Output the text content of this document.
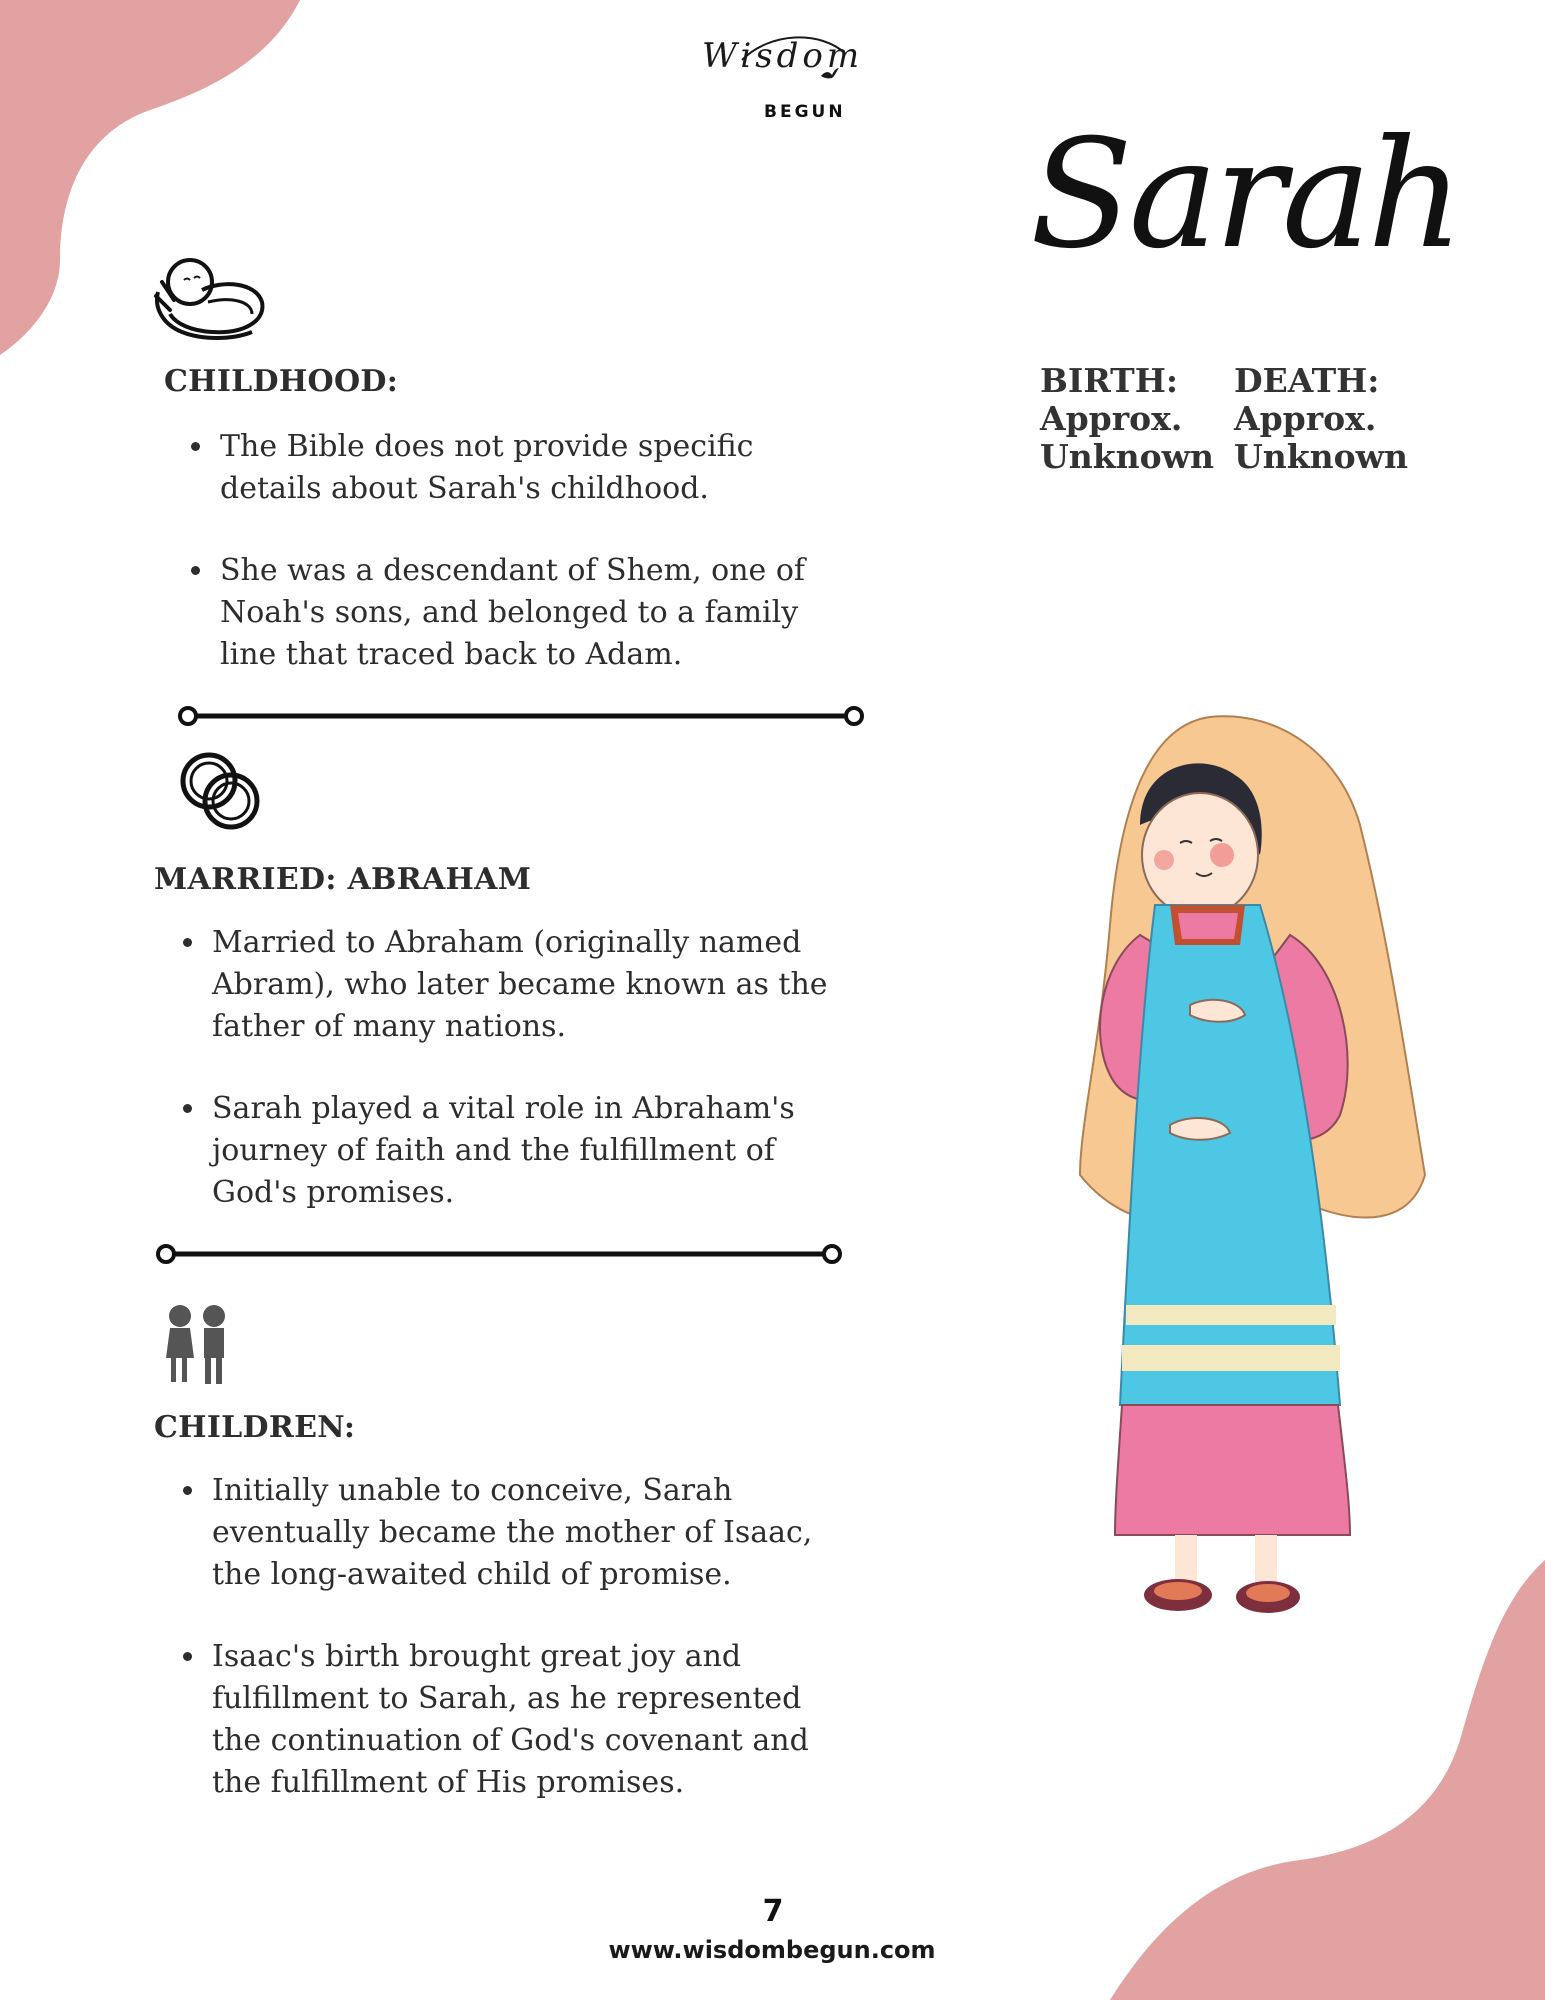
Wisdom
BEGUN Sarah
BIRTH:
Approx.
Unknown
DEATH:
Approx.
Unknown
CHILDHOOD:
• The Bible does not provide specific details about Sarah's childhood.
• She was a descendant of Shem, one of Noah's sons, and belonged to a family line that traced back to Adam.
MARRIED: ABRAHAM
• Married to Abraham (originally named Abram), who later became known as the father of many nations.
• Sarah played a vital role in Abraham's journey of faith and the fulfillment of God's promises.
CHILDREN:
• Initially unable to conceive, Sarah eventually became the mother of Isaac, the long-awaited child of promise.
• Isaac's birth brought great joy and fulfillment to Sarah, as he represented the continuation of God's covenant and the fulfillment of His promises.
7
www.wisdombegun.com
